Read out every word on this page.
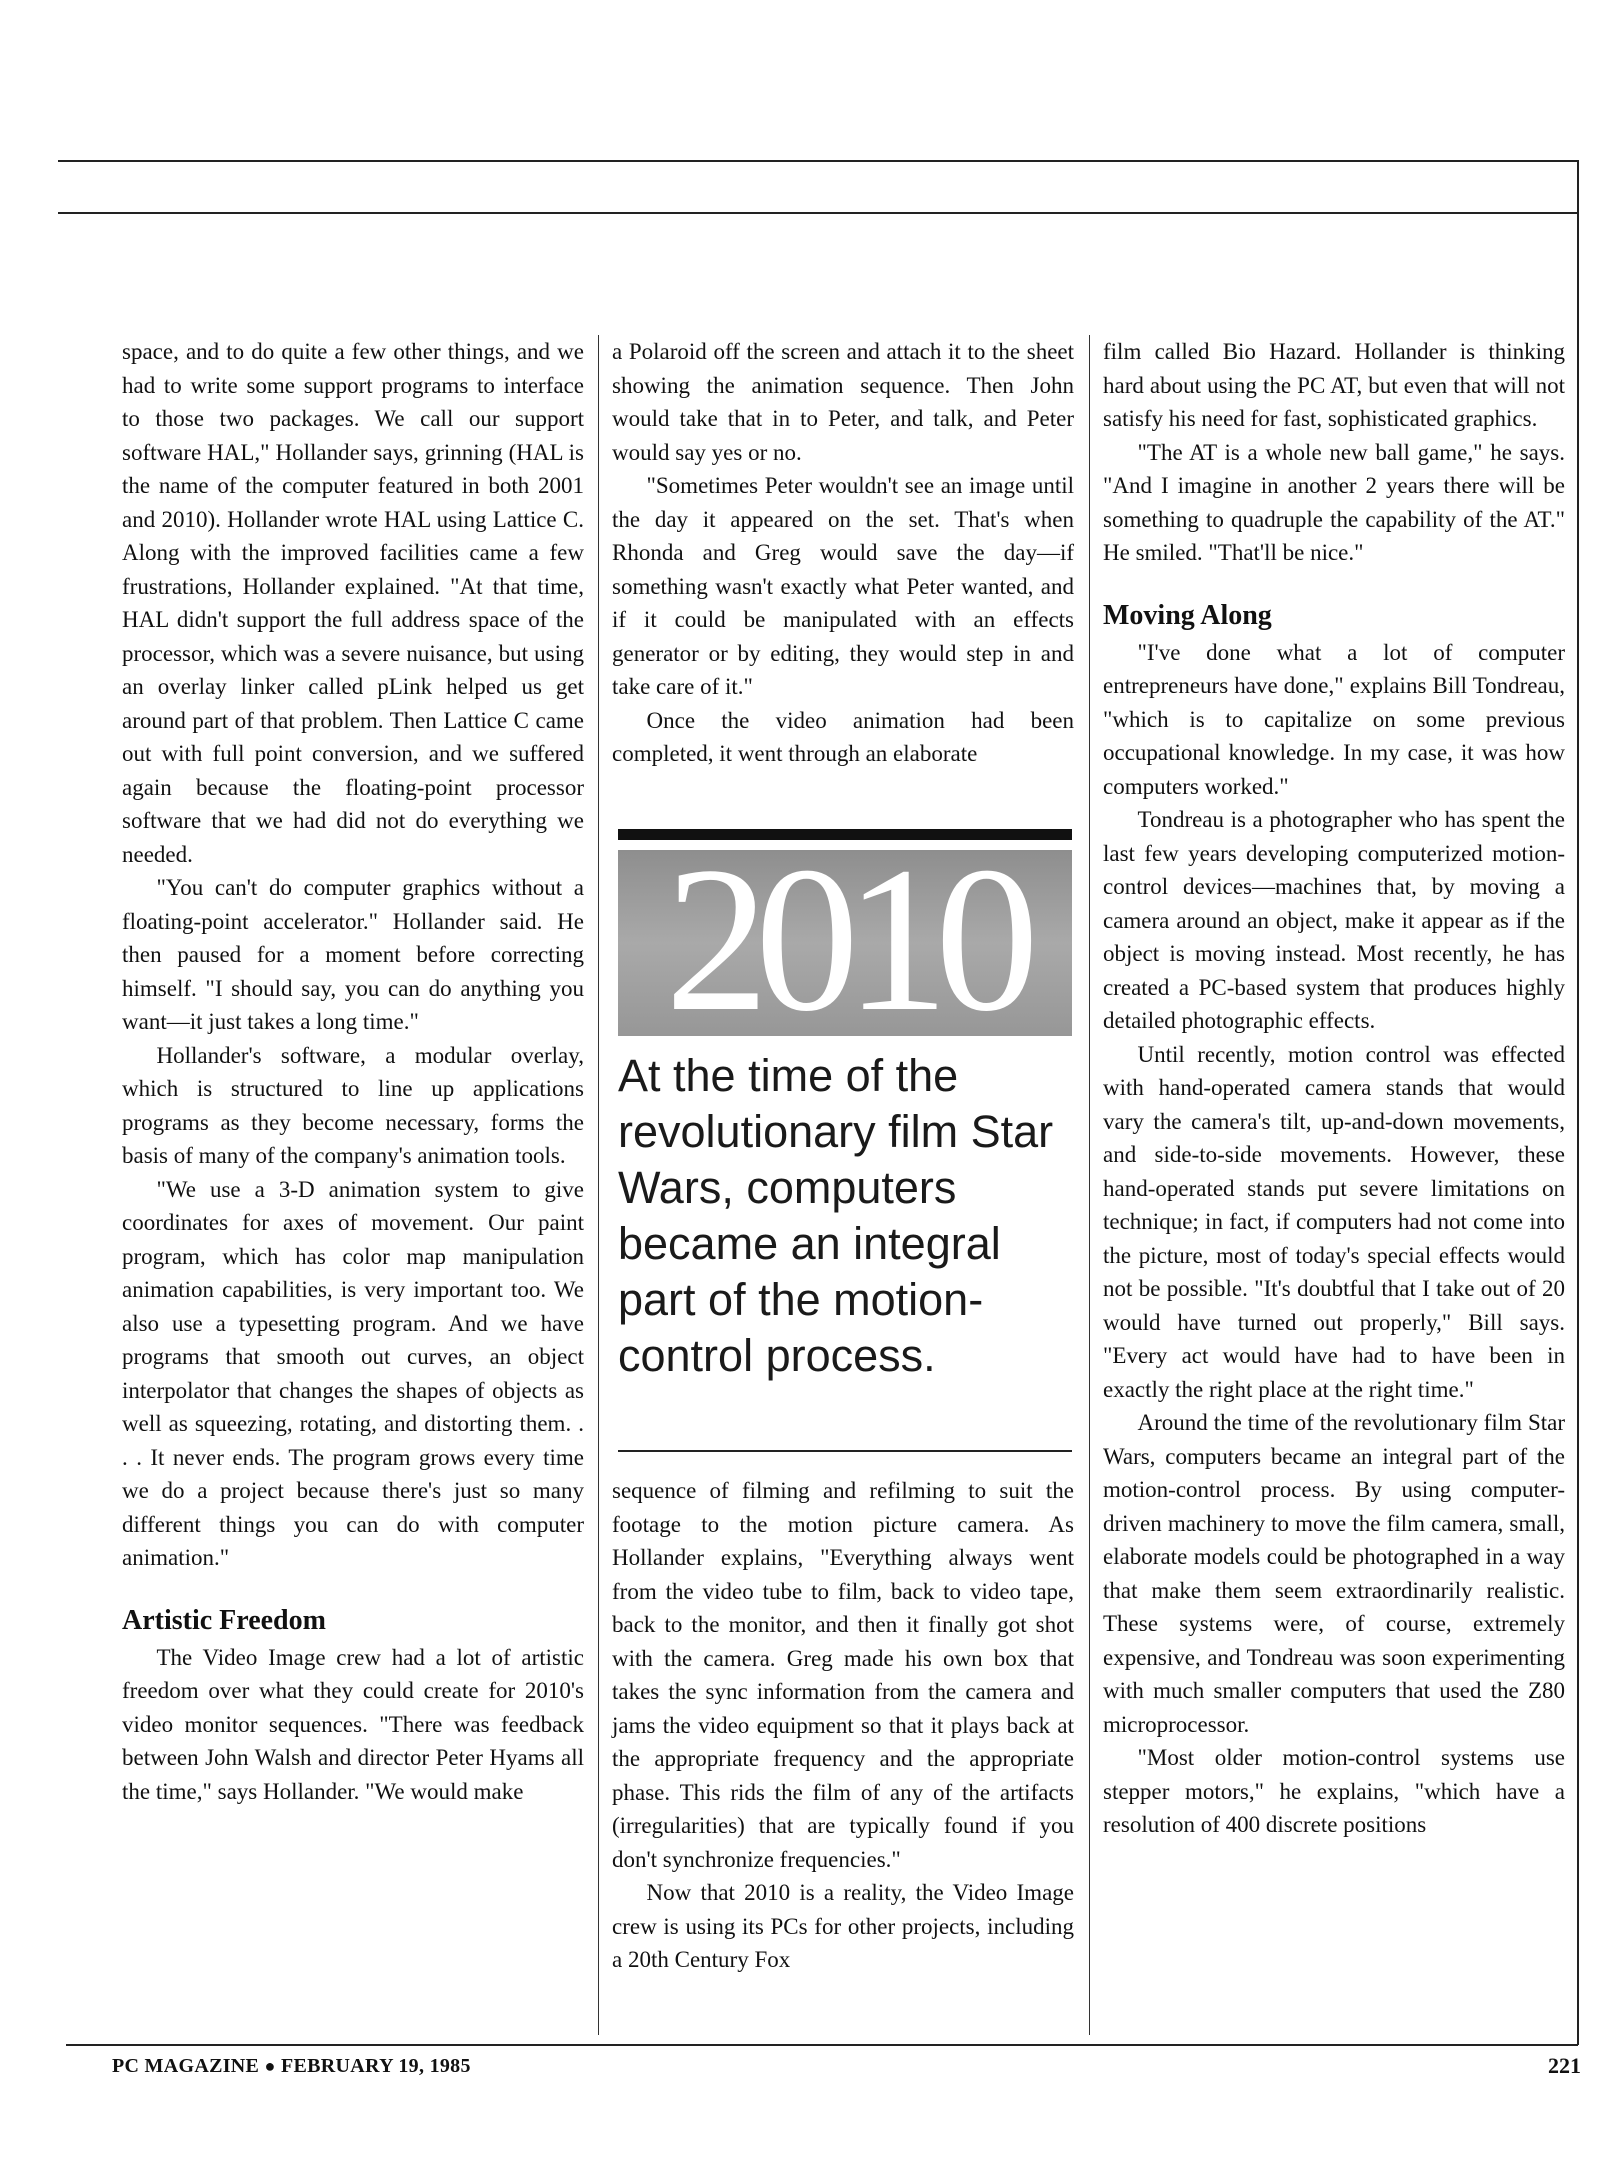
space, and to do quite a few other things, and we had to write some support programs to interface to those two packages. We call our support software HAL," Hollander says, grinning (HAL is the name of the computer featured in both 2001 and 2010). Hollander wrote HAL using Lattice C. Along with the improved facilities came a few frustrations, Hollander explained. "At that time, HAL didn't support the full address space of the processor, which was a severe nuisance, but using an overlay linker called pLink helped us get around part of that problem. Then Lattice C came out with full point conversion, and we suffered again because the floating-point processor software that we had did not do everything we needed.

"You can't do computer graphics without a floating-point accelerator." Hollander said. He then paused for a moment before correcting himself. "I should say, you can do anything you want—it just takes a long time."

Hollander's software, a modular overlay, which is structured to line up applications programs as they become necessary, forms the basis of many of the company's animation tools.

"We use a 3-D animation system to give coordinates for axes of movement. Our paint program, which has color map manipulation animation capabilities, is very important too. We also use a typesetting program. And we have programs that smooth out curves, an object interpolator that changes the shapes of objects as well as squeezing, rotating, and distorting them. . . . It never ends. The program grows every time we do a project because there's just so many different things you can do with computer animation."

Artistic Freedom

The Video Image crew had a lot of artistic freedom over what they could create for 2010's video monitor sequences. "There was feedback between John Walsh and director Peter Hyams all the time," says Hollander. "We would make

a Polaroid off the screen and attach it to the sheet showing the animation sequence. Then John would take that in to Peter, and talk, and Peter would say yes or no.

"Sometimes Peter wouldn't see an image until the day it appeared on the set. That's when Rhonda and Greg would save the day—if something wasn't exactly what Peter wanted, and if it could be manipulated with an effects generator or by editing, they would step in and take care of it."

Once the video animation had been completed, it went through an elaborate

2010
At the time of the revolutionary film Star Wars, computers became an integral part of the motion-control process.

sequence of filming and refilming to suit the footage to the motion picture camera. As Hollander explains, "Everything always went from the video tube to film, back to video tape, back to the monitor, and then it finally got shot with the camera. Greg made his own box that takes the sync information from the camera and jams the video equipment so that it plays back at the appropriate frequency and the appropriate phase. This rids the film of any of the artifacts (irregularities) that are typically found if you don't synchronize frequencies."

Now that 2010 is a reality, the Video Image crew is using its PCs for other projects, including a 20th Century Fox

film called Bio Hazard. Hollander is thinking hard about using the PC AT, but even that will not satisfy his need for fast, sophisticated graphics.

"The AT is a whole new ball game," he says. "And I imagine in another 2 years there will be something to quadruple the capability of the AT." He smiled. "That'll be nice."

Moving Along

"I've done what a lot of computer entrepreneurs have done," explains Bill Tondreau, "which is to capitalize on some previous occupational knowledge. In my case, it was how computers worked."

Tondreau is a photographer who has spent the last few years developing computerized motion-control devices—machines that, by moving a camera around an object, make it appear as if the object is moving instead. Most recently, he has created a PC-based system that produces highly detailed photographic effects.

Until recently, motion control was effected with hand-operated camera stands that would vary the camera's tilt, up-and-down movements, and side-to-side movements. However, these hand-operated stands put severe limitations on technique; in fact, if computers had not come into the picture, most of today's special effects would not be possible. "It's doubtful that I take out of 20 would have turned out properly," Bill says. "Every act would have had to have been in exactly the right place at the right time."

Around the time of the revolutionary film Star Wars, computers became an integral part of the motion-control process. By using computer-driven machinery to move the film camera, small, elaborate models could be photographed in a way that make them seem extraordinarily realistic. These systems were, of course, extremely expensive, and Tondreau was soon experimenting with much smaller computers that used the Z80 microprocessor.

"Most older motion-control systems use stepper motors," he explains, "which have a resolution of 400 discrete positions

PC MAGAZINE ● FEBRUARY 19, 1985	221
